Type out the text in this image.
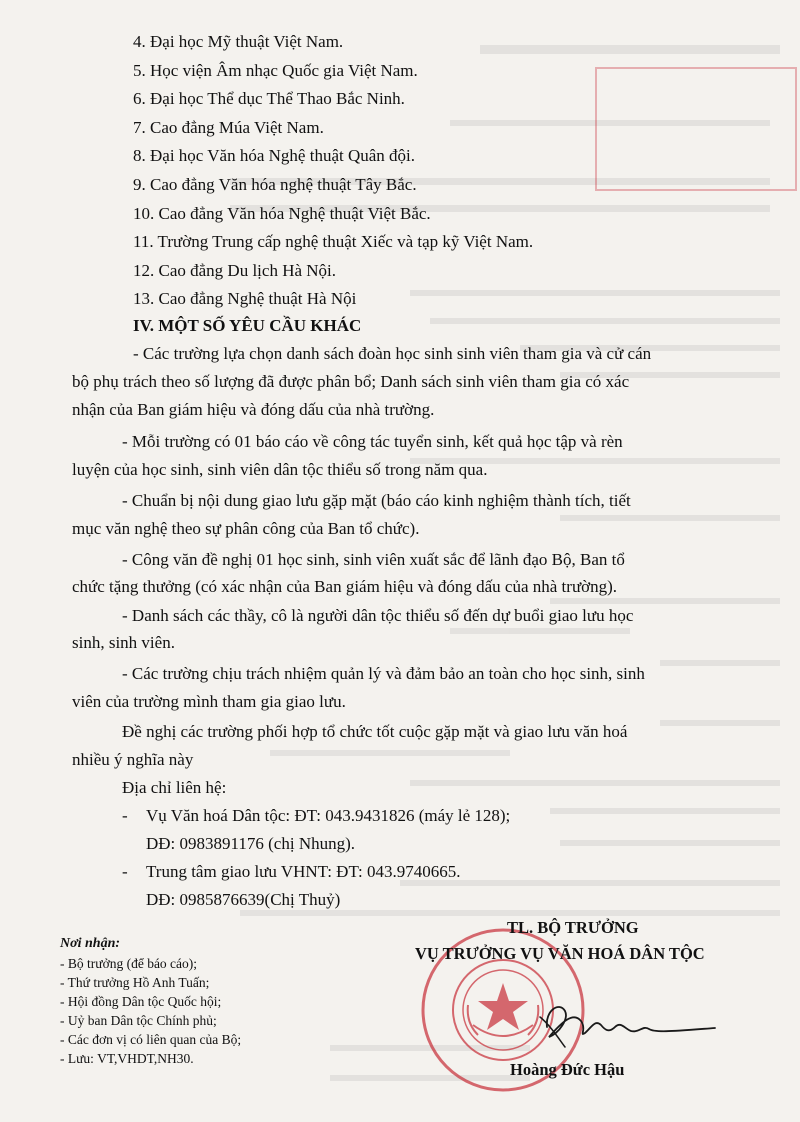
4. Đại học Mỹ thuật Việt Nam.
5. Học viện Âm nhạc Quốc gia Việt Nam.
6. Đại học Thể dục Thể Thao Bắc Ninh.
7. Cao đẳng Múa Việt Nam.
8. Đại học Văn hóa Nghệ thuật Quân đội.
9. Cao đẳng Văn hóa nghệ thuật Tây Bắc.
10. Cao đẳng Văn hóa Nghệ thuật Việt Bắc.
11. Trường Trung cấp nghệ thuật Xiếc và tạp kỹ Việt Nam.
12. Cao đẳng Du lịch Hà Nội.
13. Cao đẳng Nghệ thuật Hà Nội
IV. MỘT SỐ YÊU CẦU KHÁC
- Các trường lựa chọn danh sách đoàn học sinh sinh viên tham gia và cử cán
bộ phụ trách theo số lượng đã được phân bổ; Danh sách sinh viên tham gia có xác
nhận của Ban giám hiệu và đóng dấu của nhà trường.
- Mỗi trường có 01 báo cáo về công tác tuyển sinh, kết quả học tập và rèn
luyện của học sinh, sinh viên dân tộc thiểu số trong năm qua.
- Chuẩn bị nội dung giao lưu gặp mặt (báo cáo kinh nghiệm thành tích, tiết
mục văn nghệ theo sự phân công của Ban tổ chức).
- Công văn đề nghị 01 học sinh, sinh viên xuất sắc để lãnh đạo Bộ, Ban tổ
chức tặng thưởng (có xác nhận của Ban giám hiệu và đóng dấu của nhà trường).
- Danh sách các thầy, cô là người dân tộc thiểu số đến dự buổi giao lưu học
sinh, sinh viên.
- Các trường chịu trách nhiệm quản lý và đảm bảo an toàn cho học sinh, sinh
viên của trường mình tham gia giao lưu.
Đề nghị các trường phối hợp tổ chức tốt cuộc gặp mặt và giao lưu văn hoá
nhiều ý nghĩa này
Địa chỉ liên hệ:
- Vụ Văn hoá Dân tộc: ĐT: 043.9431826 (máy lẻ 128);
DĐ: 0983891176 (chị Nhung).
- Trung tâm giao lưu VHNT: ĐT: 043.9740665.
DĐ: 0985876639(Chị Thuỷ)
Nơi nhận:
- Bộ trưởng (để báo cáo);
- Thứ trưởng Hồ Anh Tuấn;
- Hội đồng Dân tộc Quốc hội;
- Uỷ ban Dân tộc Chính phủ;
- Các đơn vị có liên quan của Bộ;
- Lưu: VT,VHDT,NH30.
TL. BỘ TRƯỞNG
VỤ TRƯỞNG VỤ VĂN HOÁ DÂN TỘC
Hoàng Đức Hậu
